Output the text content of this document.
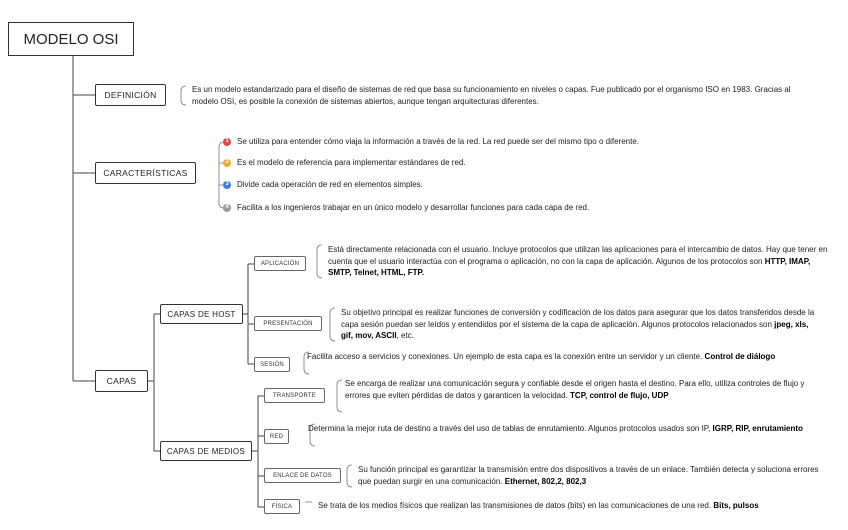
MODELO OSI
DEFINICIÓN
Es un modelo estandarizado para el diseño de sistemas de red que basa su funcionamiento en niveles o capas. Fue publicado por el organismo ISO en 1983. Gracias al modelo OSI, es posible la conexión de sistemas abiertos, aunque tengan arquitecturas diferentes.
CARACTERÍSTICAS
1 Se utiliza para entender cómo viaja la información a través de la red. La red puede ser del mismo tipo o diferente.
2 Es el modelo de referencia para implementar estándares de red.
3 Divide cada operación de red en elementos simples.
4 Facilita a los ingenieros trabajar en un único modelo y desarrollar funciones para cada capa de red.
CAPAS
CAPAS DE HOST
CAPAS DE MEDIOS
APLICACIÓN
Está directamente relacionada con el usuario. Incluye protocolos que utilizan las aplicaciones para el intercambio de datos. Hay que tener en cuenta que el usuario interactúa con el programa o aplicación, no con la capa de aplicación. Algunos de los protocolos son HTTP, IMAP, SMTP, Telnet, HTML, FTP.
PRESENTACIÓN
Su objetivo principal es realizar funciones de conversión y codificación de los datos para asegurar que los datos transferidos desde la capa sesión puedan ser leídos y entendidos por el sistema de la capa de aplicación. Algunos protocolos relacionados son jpeg, xls, gif, mov, ASCII, etc.
SESIÓN
Facilita acceso a servicios y conexiones. Un ejemplo de esta capa es la conexión entre un servidor y un cliente. Control de diálogo
TRANSPORTE
Se encarga de realizar una comunicación segura y confiable desde el origen hasta el destino. Para ello, utiliza controles de flujo y errores que eviten pérdidas de datos y garanticen la velocidad. TCP, control de flujo, UDP
RED
Determina la mejor ruta de destino a través del uso de tablas de enrutamiento. Algunos protocolos usados son IP, IGRP, RIP, enrutamiento
ENLACE DE DATOS
Su función principal es garantizar la transmisión entre dos dispositivos a través de un enlace. También detecta y soluciona errores que puedan surgir en una comunicación. Ethernet, 802,2, 802,3
FÍSICA	Se trata de los medios físicos que realizan las transmisiones de datos (bits) en las comunicaciones de una red. Bits, pulsos
